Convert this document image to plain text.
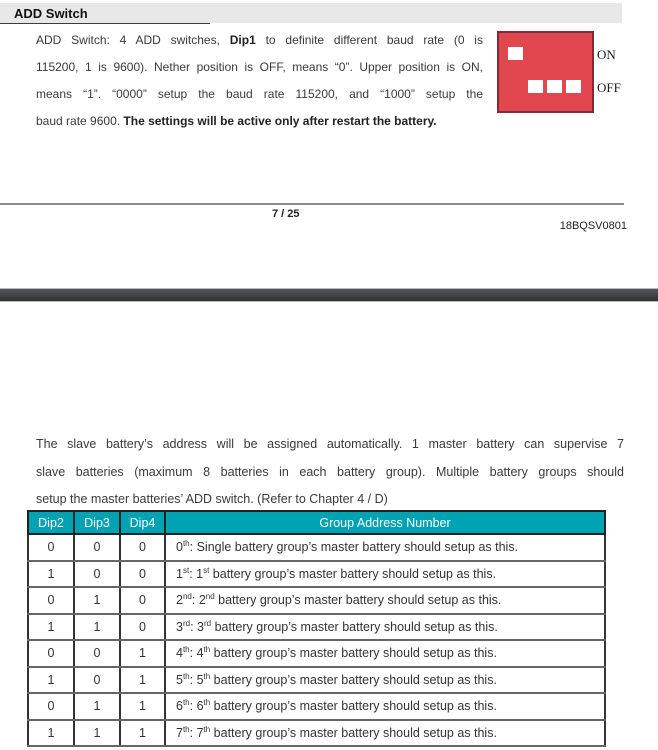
ADD Switch
ADD Switch: 4 ADD switches, Dip1 to definite different baud rate (0 is
115200, 1 is 9600). Nether position is OFF, means “0”. Upper position is ON,
means “1”. “0000” setup the baud rate 115200, and “1000” setup the
baud rate 9600. The settings will be active only after restart the battery.
ON
OFF
7 / 25
18BQSV0801
The slave battery’s address will be assigned automatically. 1 master battery can supervise 7
slave batteries (maximum 8 batteries in each battery group). Multiple battery groups should
setup the master batteries’ ADD switch. (Refer to Chapter 4 / D)
Dip2	Dip3	Dip4	Group Address Number
0	0	0	0th: Single battery group’s master battery should setup as this.
1	0	0	1st: 1st battery group’s master battery should setup as this.
0	1	0	2nd: 2nd battery group’s master battery should setup as this.
1	1	0	3rd: 3rd battery group’s master battery should setup as this.
0	0	1	4th: 4th battery group’s master battery should setup as this.
1	0	1	5th: 5th battery group’s master battery should setup as this.
0	1	1	6th: 6th battery group’s master battery should setup as this.
1	1	1	7th: 7th battery group’s master battery should setup as this.
